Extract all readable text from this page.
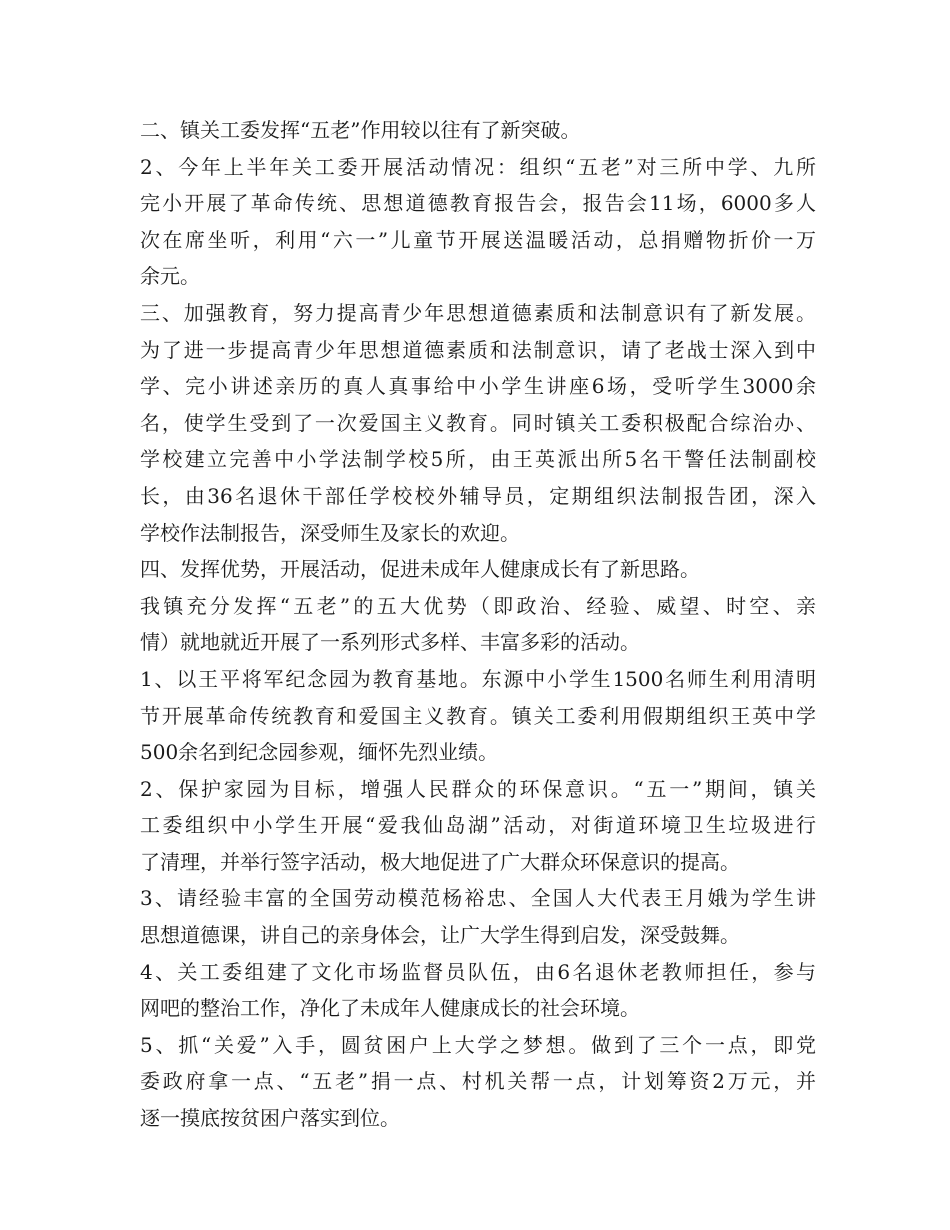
二、镇关工委发挥“五老”作用较以往有了新突破。
2、今年上半年关工委开展活动情况：组织“五老”对三所中学、九所
完小开展了革命传统、思想道德教育报告会，报告会11场，6000多人
次在席坐听，利用“六一”儿童节开展送温暖活动，总捐赠物折价一万
余元。
三、加强教育，努力提高青少年思想道德素质和法制意识有了新发展。
为了进一步提高青少年思想道德素质和法制意识，请了老战士深入到中
学、完小讲述亲历的真人真事给中小学生讲座6场，受听学生3000余
名，使学生受到了一次爱国主义教育。同时镇关工委积极配合综治办、
学校建立完善中小学法制学校5所，由王英派出所5名干警任法制副校
长，由36名退休干部任学校校外辅导员，定期组织法制报告团，深入
学校作法制报告，深受师生及家长的欢迎。
四、发挥优势，开展活动，促进未成年人健康成长有了新思路。
我镇充分发挥“五老”的五大优势（即政治、经验、威望、时空、亲
情）就地就近开展了一系列形式多样、丰富多彩的活动。
1、以王平将军纪念园为教育基地。东源中小学生1500名师生利用清明
节开展革命传统教育和爱国主义教育。镇关工委利用假期组织王英中学
500余名到纪念园参观，缅怀先烈业绩。
2、保护家园为目标，增强人民群众的环保意识。“五一”期间，镇关
工委组织中小学生开展“爱我仙岛湖”活动，对街道环境卫生垃圾进行
了清理，并举行签字活动，极大地促进了广大群众环保意识的提高。
3、请经验丰富的全国劳动模范杨裕忠、全国人大代表王月娥为学生讲
思想道德课，讲自己的亲身体会，让广大学生得到启发，深受鼓舞。
4、关工委组建了文化市场监督员队伍，由6名退休老教师担任，参与
网吧的整治工作，净化了未成年人健康成长的社会环境。
5、抓“关爱”入手，圆贫困户上大学之梦想。做到了三个一点，即党
委政府拿一点、“五老”捐一点、村机关帮一点，计划筹资2万元，并
逐一摸底按贫困户落实到位。
